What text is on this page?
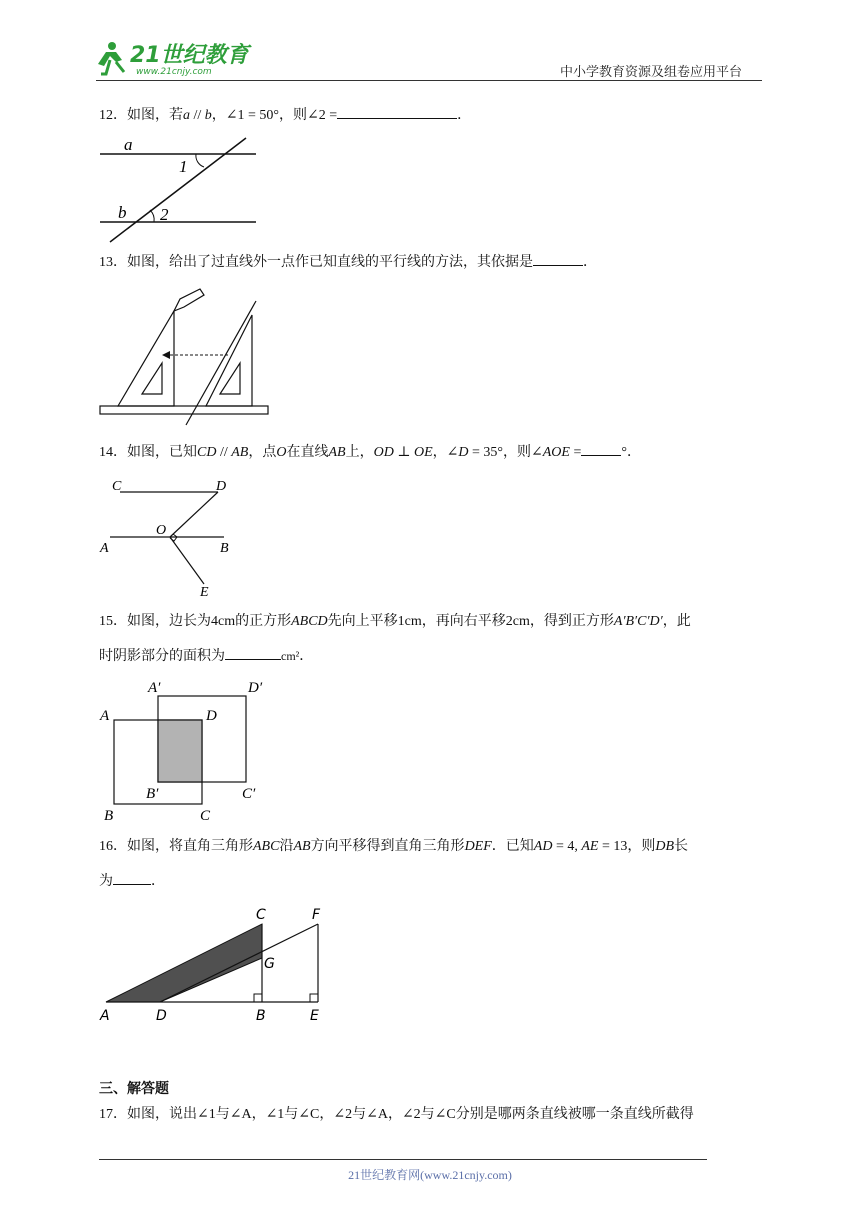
21世纪教育
www.21cnjy.com	中小学教育资源及组卷应用平台
12．如图，若a // b，∠1 = 50°，则∠2 =	．
a
1
b 2
13．如图，给出了过直线外一点作已知直线的平行线的方法，其依据是	．
14．如图，已知CD // AB，点O在直线AB上，OD ⊥ OE，∠D = 35°，则∠AOE =	°．
C	D
O
A	B
E
15．如图，边长为4cm的正方形ABCD先向上平移1cm，再向右平移2cm，得到正方形A′B′C′D′，此
时阴影部分的面积为	cm²．
A′	D′
A	D
B′	C′
B	C
16．如图，将直角三角形ABC沿AB方向平移得到直角三角形DEF．已知AD = 4, AE = 13，则DB长
为	．
C	F
G
A	D	B	E
三、解答题
17．如图，说出∠1与∠A，∠1与∠C，∠2与∠A，∠2与∠C分别是哪两条直线被哪一条直线所截得
21世纪教育网(www.21cnjy.com)
